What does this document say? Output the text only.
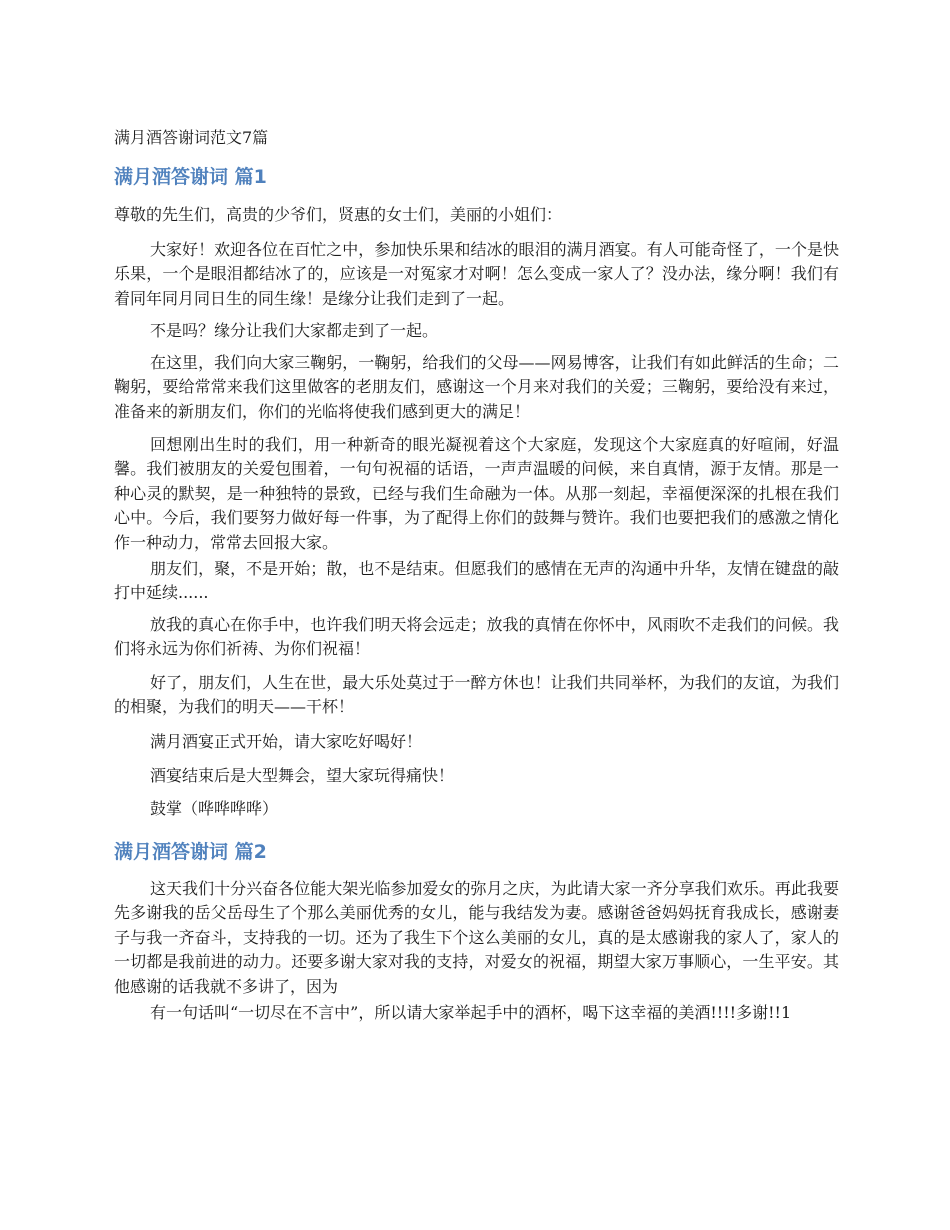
满月酒答谢词范文7篇
满月酒答谢词 篇1

尊敬的先生们，高贵的少爷们，贤惠的女士们，美丽的小姐们：

大家好！欢迎各位在百忙之中，参加快乐果和结冰的眼泪的满月酒宴。有人可能奇怪了，一个是快乐果，一个是眼泪都结冰了的，应该是一对冤家才对啊！怎么变成一家人了？没办法，缘分啊！我们有着同年同月同日生的同生缘！是缘分让我们走到了一起。

不是吗？缘分让我们大家都走到了一起。

在这里，我们向大家三鞠躬，一鞠躬，给我们的父母——网易博客，让我们有如此鲜活的生命；二鞠躬，要给常常来我们这里做客的老朋友们，感谢这一个月来对我们的关爱；三鞠躬，要给没有来过，准备来的新朋友们，你们的光临将使我们感到更大的满足！

回想刚出生时的我们，用一种新奇的眼光凝视着这个大家庭，发现这个大家庭真的好喧闹，好温馨。我们被朋友的关爱包围着，一句句祝福的话语，一声声温暖的问候，来自真情，源于友情。那是一种心灵的默契，是一种独特的景致，已经与我们生命融为一体。从那一刻起，幸福便深深的扎根在我们心中。今后，我们要努力做好每一件事，为了配得上你们的鼓舞与赞许。我们也要把我们的感激之情化作一种动力，常常去回报大家。

朋友们，聚，不是开始；散，也不是结束。但愿我们的感情在无声的沟通中升华，友情在键盘的敲打中延续......

放我的真心在你手中，也许我们明天将会远走；放我的真情在你怀中，风雨吹不走我们的问候。我们将永远为你们祈祷、为你们祝福！

好了，朋友们，人生在世，最大乐处莫过于一醉方休也！让我们共同举杯，为我们的友谊，为我们的相聚，为我们的明天——干杯！

满月酒宴正式开始，请大家吃好喝好！

酒宴结束后是大型舞会，望大家玩得痛快！

鼓掌（哗哗哗哗）

满月酒答谢词 篇2

这天我们十分兴奋各位能大架光临参加爱女的弥月之庆，为此请大家一齐分享我们欢乐。再此我要先多谢我的岳父岳母生了个那么美丽优秀的女儿，能与我结发为妻。感谢爸爸妈妈抚育我成长，感谢妻子与我一齐奋斗，支持我的一切。还为了我生下个这么美丽的女儿，真的是太感谢我的家人了，家人的一切都是我前进的动力。还要多谢大家对我的支持，对爱女的祝福，期望大家万事顺心，一生平安。其他感谢的话我就不多讲了，因为

有一句话叫“一切尽在不言中”，所以请大家举起手中的酒杯，喝下这幸福的美酒!!!!多谢!!1
